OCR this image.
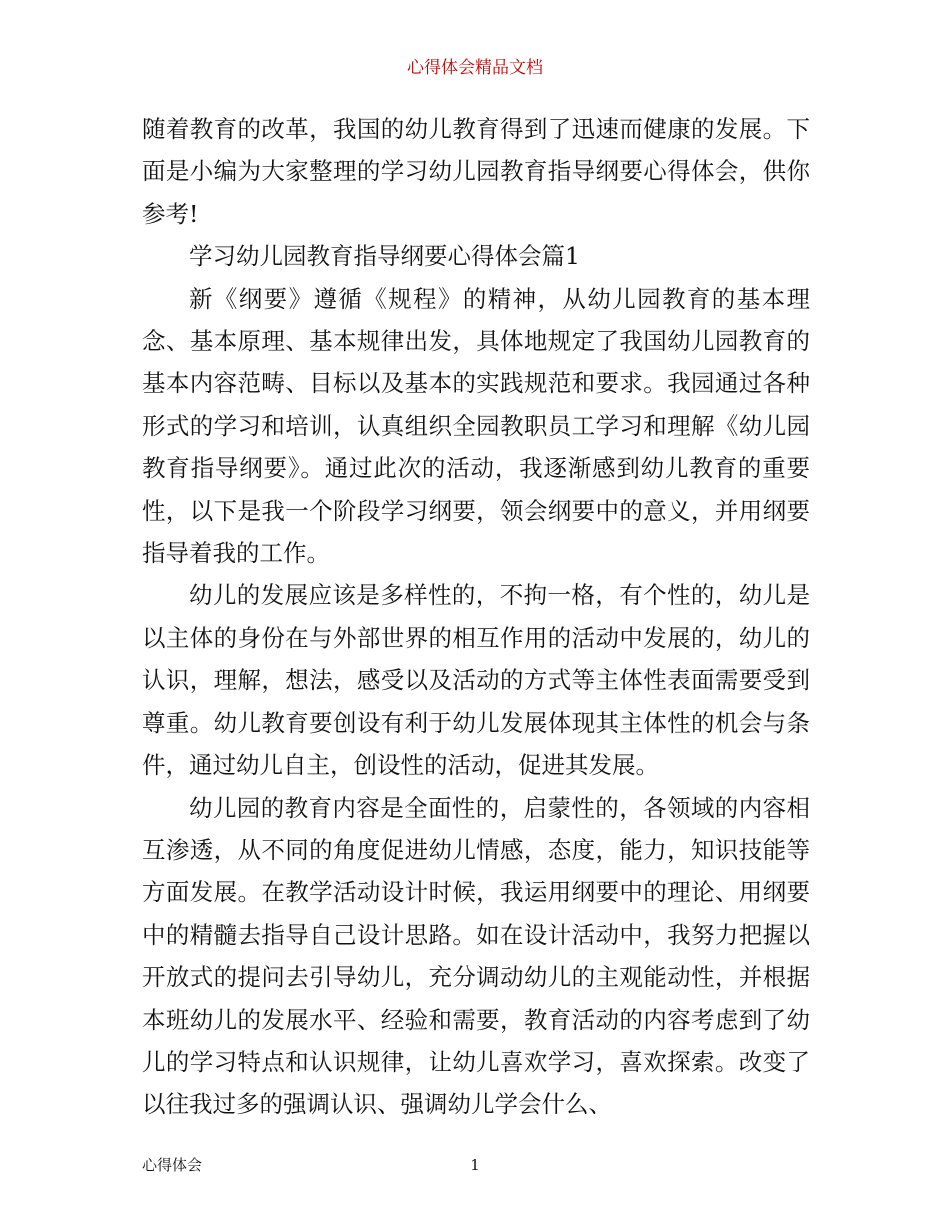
心得体会精品文档

随着教育的改革，我国的幼儿教育得到了迅速而健康的发展。下面是小编为大家整理的学习幼儿园教育指导纲要心得体会，供你参考!

学习幼儿园教育指导纲要心得体会篇1

新《纲要》遵循《规程》的精神，从幼儿园教育的基本理念、基本原理、基本规律出发，具体地规定了我国幼儿园教育的基本内容范畴、目标以及基本的实践规范和要求。我园通过各种形式的学习和培训，认真组织全园教职员工学习和理解《幼儿园教育指导纲要》。通过此次的活动，我逐渐感到幼儿教育的重要性，以下是我一个阶段学习纲要，领会纲要中的意义，并用纲要指导着我的工作。

幼儿的发展应该是多样性的，不拘一格，有个性的，幼儿是以主体的身份在与外部世界的相互作用的活动中发展的，幼儿的认识，理解，想法，感受以及活动的方式等主体性表面需要受到尊重。幼儿教育要创设有利于幼儿发展体现其主体性的机会与条件，通过幼儿自主，创设性的活动，促进其发展。

幼儿园的教育内容是全面性的，启蒙性的，各领域的内容相互渗透，从不同的角度促进幼儿情感，态度，能力，知识技能等方面发展。在教学活动设计时候，我运用纲要中的理论、用纲要中的精髓去指导自己设计思路。如在设计活动中，我努力把握以开放式的提问去引导幼儿，充分调动幼儿的主观能动性，并根据本班幼儿的发展水平、经验和需要，教育活动的内容考虑到了幼儿的学习特点和认识规律，让幼儿喜欢学习，喜欢探索。改变了以往我过多的强调认识、强调幼儿学会什么、

心得体会	1
